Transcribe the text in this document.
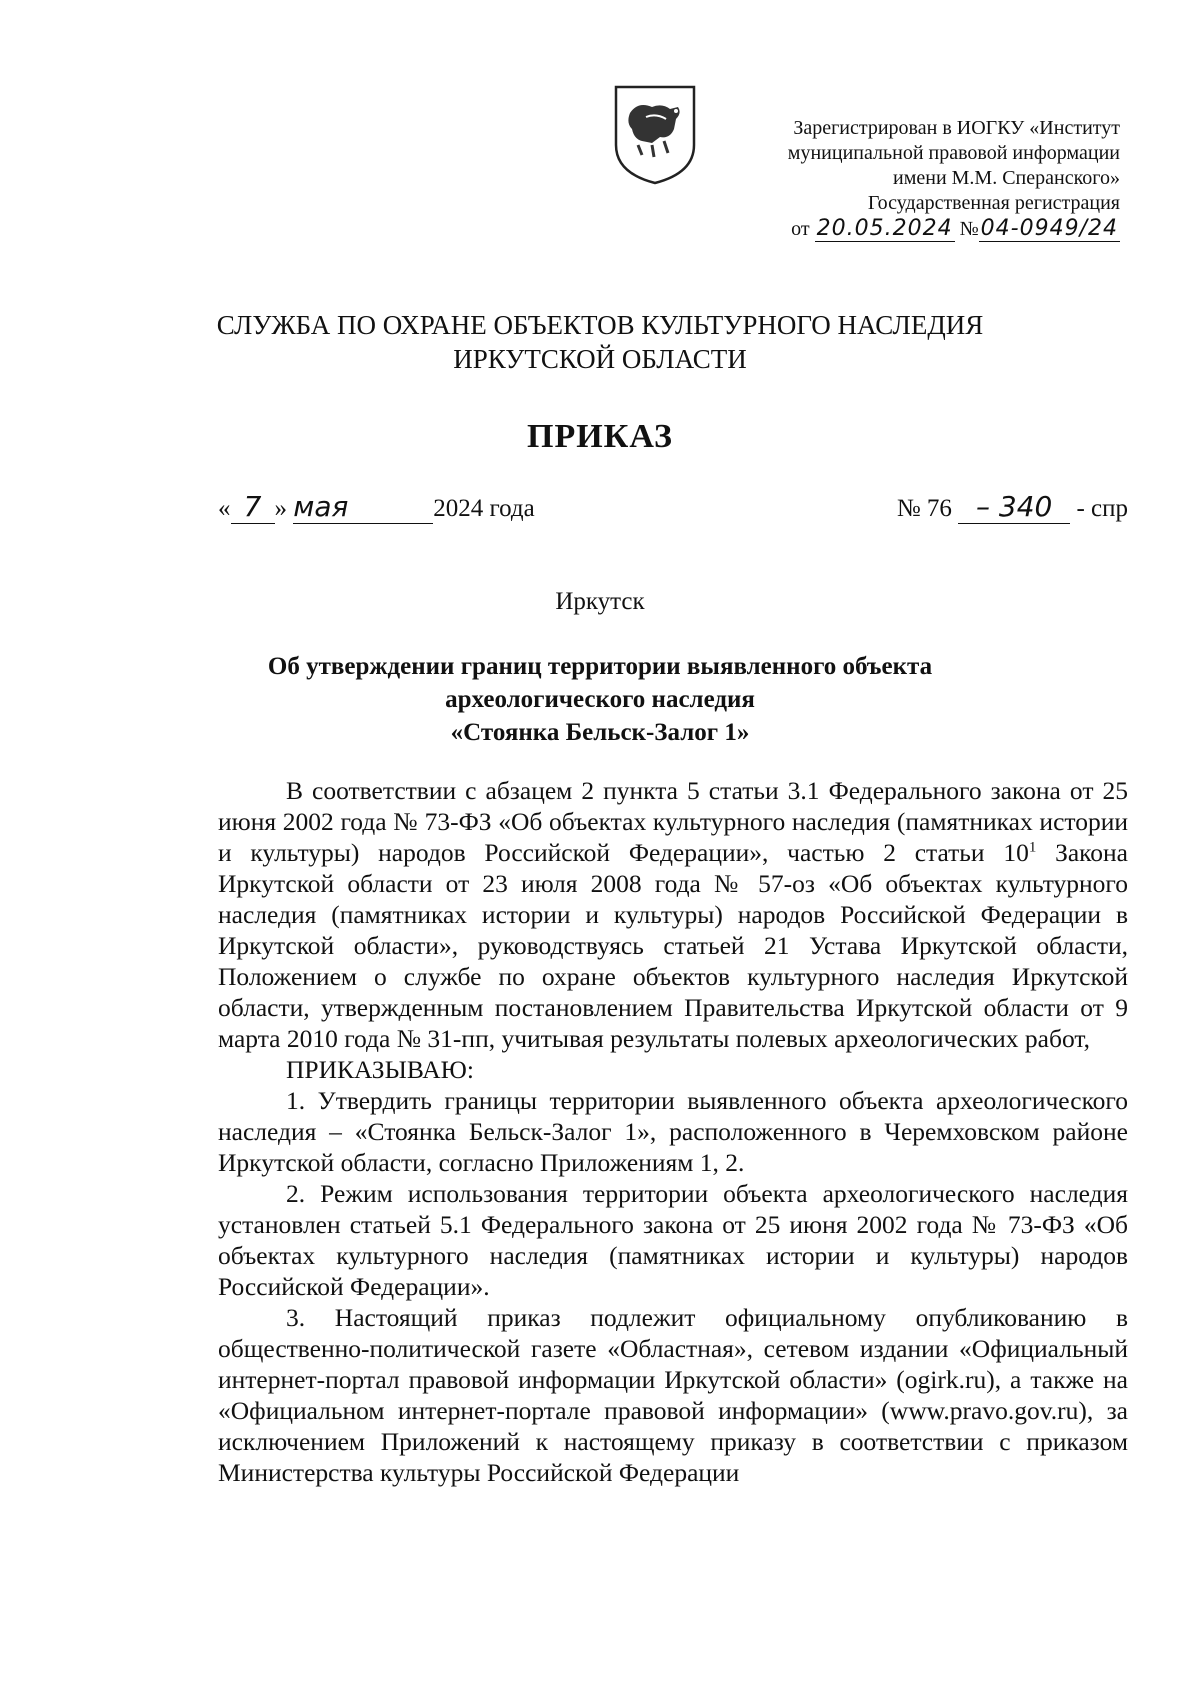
Зарегистрирован в ИОГКУ «Институт
муниципальной правовой информации
имени М.М. Сперанского»
Государственная регистрация
от 20.05.2024 №04-0949/24
СЛУЖБА ПО ОХРАНЕ ОБЪЕКТОВ КУЛЬТУРНОГО НАСЛЕДИЯ
ИРКУТСКОЙ ОБЛАСТИ
ПРИКАЗ
« 7 » мая	2024 года	№ 76 – 340 - спр
Иркутск
Об утверждении границ территории выявленного объекта
археологического наследия
«Стоянка Бельск-Залог 1»

В соответствии с абзацем 2 пункта 5 статьи 3.1 Федерального закона от 25 июня 2002 года № 73-ФЗ «Об объектах культурного наследия (памятниках истории и культуры) народов Российской Федерации», частью 2 статьи $10^1$ Закона Иркутской области от 23 июля 2008 года № 57-оз «Об объектах культурного наследия (памятниках истории и культуры) народов Российской Федерации в Иркутской области», руководствуясь статьей 21 Устава Иркутской области, Положением о службе по охране объектов культурного наследия Иркутской области, утвержденным постановлением Правительства Иркутской области от 9 марта 2010 года № 31-пп, учитывая результаты полевых археологических работ,

ПРИКАЗЫВАЮ:

1. Утвердить границы территории выявленного объекта археологического наследия – «Стоянка Бельск-Залог 1», расположенного в Черемховском районе Иркутской области, согласно Приложениям 1, 2.

2. Режим использования территории объекта археологического наследия установлен статьей 5.1 Федерального закона от 25 июня 2002 года № 73-ФЗ «Об объектах культурного наследия (памятниках истории и культуры) народов Российской Федерации».

3. Настоящий приказ подлежит официальному опубликованию в общественно-политической газете «Областная», сетевом издании «Официальный интернет-портал правовой информации Иркутской области» (ogirk.ru), а также на «Официальном интернет-портале правовой информации» (www.pravo.gov.ru), за исключением Приложений к настоящему приказу в соответствии с приказом Министерства культуры Российской Федерации
